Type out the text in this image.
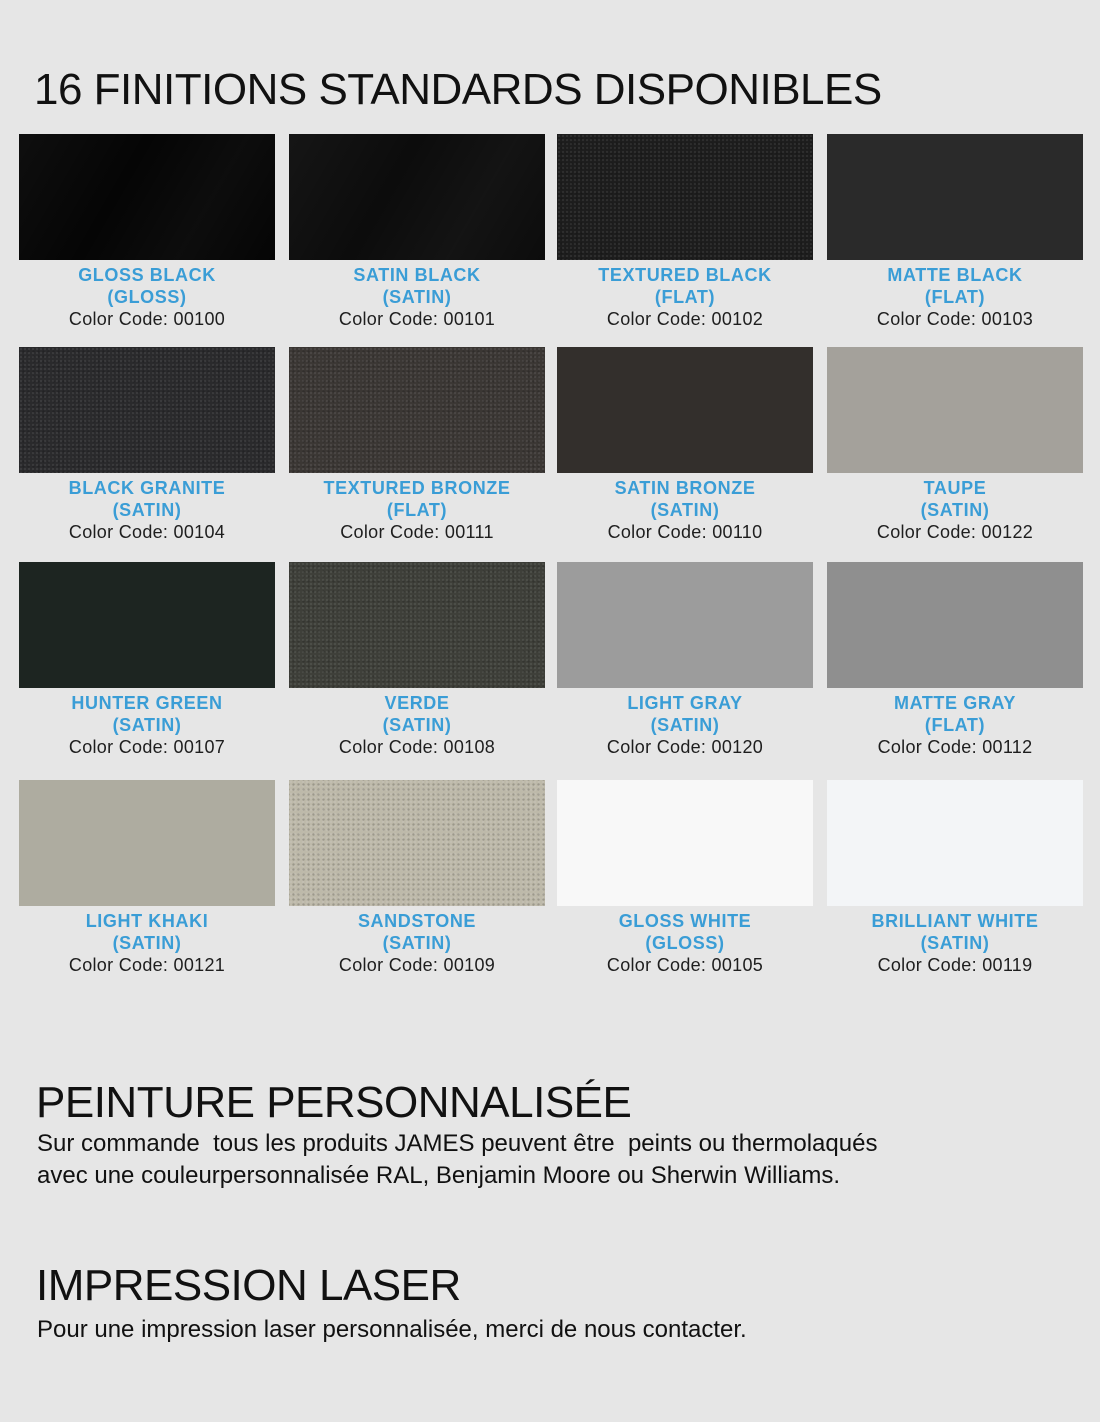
16 FINITIONS STANDARDS DISPONIBLES
GLOSS BLACK
(GLOSS)
Color Code: 00100
SATIN BLACK
(SATIN)
Color Code: 00101
TEXTURED BLACK
(FLAT)
Color Code: 00102
MATTE BLACK
(FLAT)
Color Code: 00103
BLACK GRANITE
(SATIN)
Color Code: 00104
TEXTURED BRONZE
(FLAT)
Color Code: 00111
SATIN BRONZE
(SATIN)
Color Code: 00110
TAUPE
(SATIN)
Color Code: 00122
HUNTER GREEN
(SATIN)
Color Code: 00107
VERDE
(SATIN)
Color Code: 00108
LIGHT GRAY
(SATIN)
Color Code: 00120
MATTE GRAY
(FLAT)
Color Code: 00112
LIGHT KHAKI
(SATIN)
Color Code: 00121
SANDSTONE
(SATIN)
Color Code: 00109
GLOSS WHITE
(GLOSS)
Color Code: 00105
BRILLIANT WHITE
(SATIN)
Color Code: 00119
PEINTURE PERSONNALISÉE
Sur commande  tous les produits JAMES peuvent être  peints ou thermolaqués
avec une couleurpersonnalisée RAL, Benjamin Moore ou Sherwin Williams.
IMPRESSION LASER
Pour une impression laser personnalisée, merci de nous contacter.
